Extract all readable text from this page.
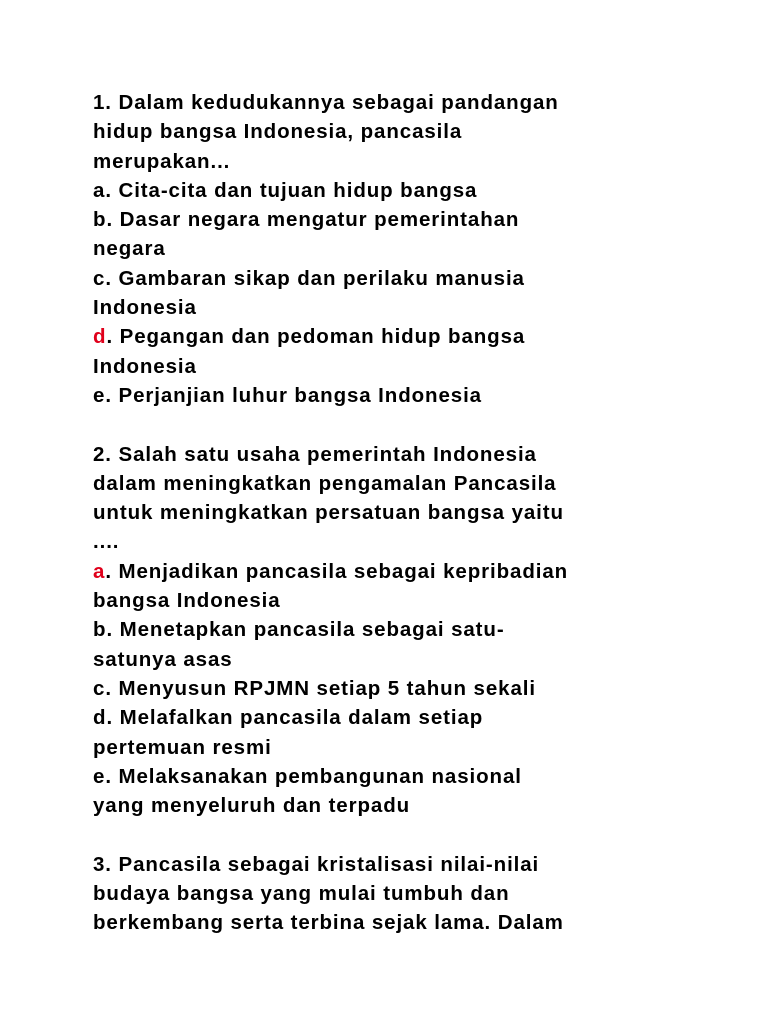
1. Dalam kedudukannya sebagai pandangan
hidup bangsa Indonesia, pancasila
merupakan...
a. Cita-cita dan tujuan hidup bangsa
b. Dasar negara mengatur pemerintahan
negara
c. Gambaran sikap dan perilaku manusia
Indonesia
d. Pegangan dan pedoman hidup bangsa
Indonesia
e. Perjanjian luhur bangsa Indonesia
2. Salah satu usaha pemerintah Indonesia
dalam meningkatkan pengamalan Pancasila
untuk meningkatkan persatuan bangsa yaitu
....
a. Menjadikan pancasila sebagai kepribadian
bangsa Indonesia
b. Menetapkan pancasila sebagai satu-
satunya asas
c. Menyusun RPJMN setiap 5 tahun sekali
d. Melafalkan pancasila dalam setiap
pertemuan resmi
e. Melaksanakan pembangunan nasional
yang menyeluruh dan terpadu
3. Pancasila sebagai kristalisasi nilai-nilai
budaya bangsa yang mulai tumbuh dan
berkembang serta terbina sejak lama. Dalam
